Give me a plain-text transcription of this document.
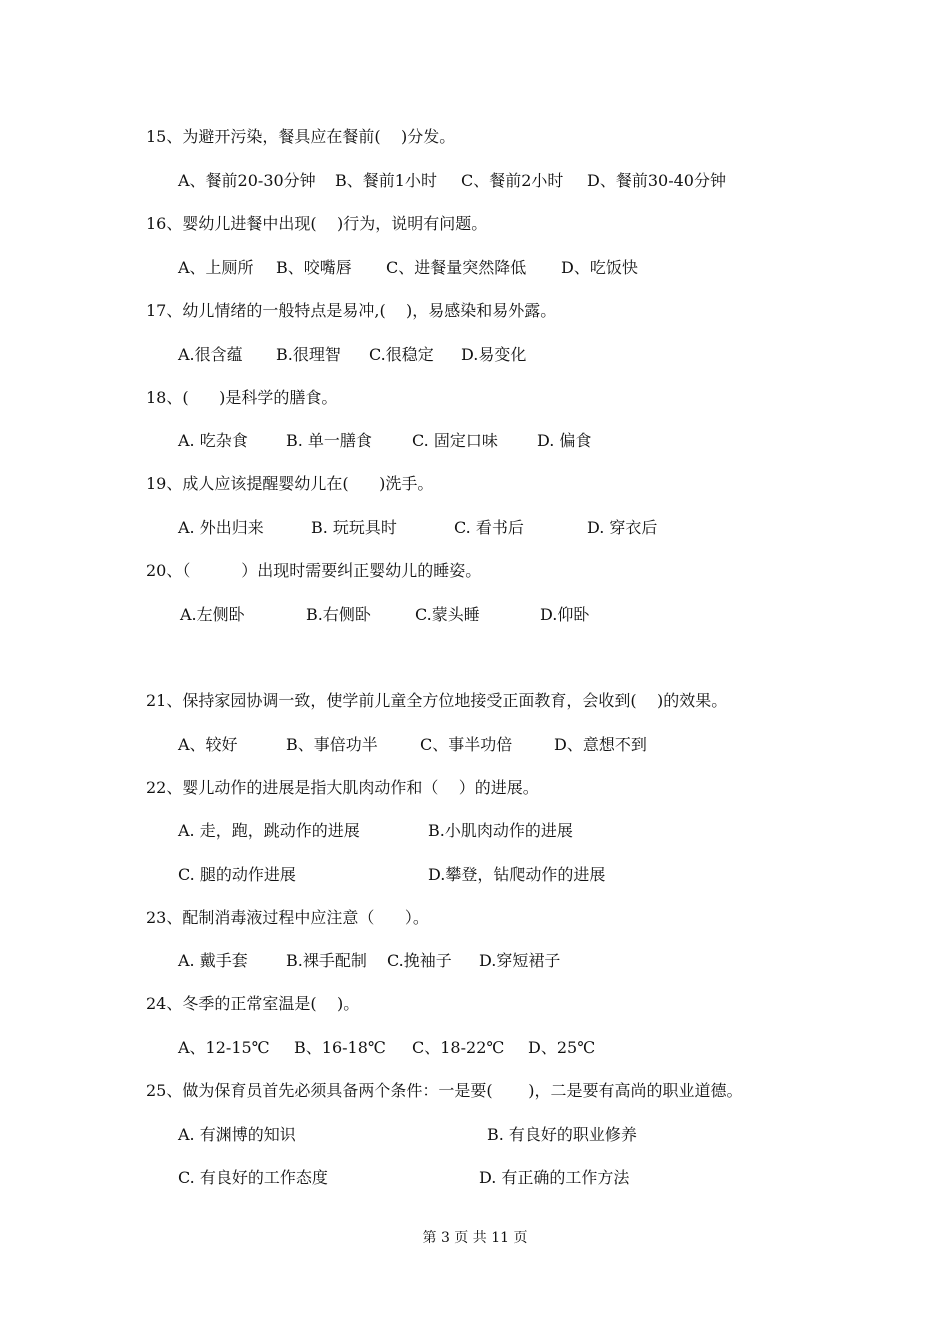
15、为避开污染，餐具应在餐前(    )分发。
A、餐前20-30分钟 B、餐前1小时 C、餐前2小时 D、餐前30-40分钟
16、婴幼儿进餐中出现(    )行为，说明有问题。
A、上厕所 B、咬嘴唇 C、进餐量突然降低 D、吃饭快
17、幼儿情绪的一般特点是易冲,(    )，易感染和易外露。
A.很含蕴 B.很理智 C.很稳定 D.易变化
18、(      )是科学的膳食。
A. 吃杂食 B. 单一膳食	C. 固定口味 D. 偏食
19、成人应该提醒婴幼儿在(      )洗手。
A. 外出归来	B. 玩玩具时	C. 看书后	D. 穿衣后
20、（          ）出现时需要纠正婴幼儿的睡姿。
A.左侧卧	B.右侧卧	C.蒙头睡	D.仰卧
21、保持家园协调一致，使学前儿童全方位地接受正面教育，会收到(    )的效果。
A、较好	B、事倍功半	C、事半功倍	D、意想不到
22、婴儿动作的进展是指大肌肉动作和（    ）的进展。
A. 走，跑，跳动作的进展	B.小肌肉动作的进展
C. 腿的动作进展	D.攀登，钻爬动作的进展
23、配制消毒液过程中应注意（      ）。
A. 戴手套 B.裸手配制 C.挽袖子 D.穿短裙子
24、冬季的正常室温是(    )。
A、12-15℃ B、16-18℃ C、18-22℃ D、25℃
25、做为保育员首先必须具备两个条件：一是要(       )，二是要有高尚的职业道德。
A. 有渊博的知识	B. 有良好的职业修养
C. 有良好的工作态度	D. 有正确的工作方法
第 3 页 共 11 页
